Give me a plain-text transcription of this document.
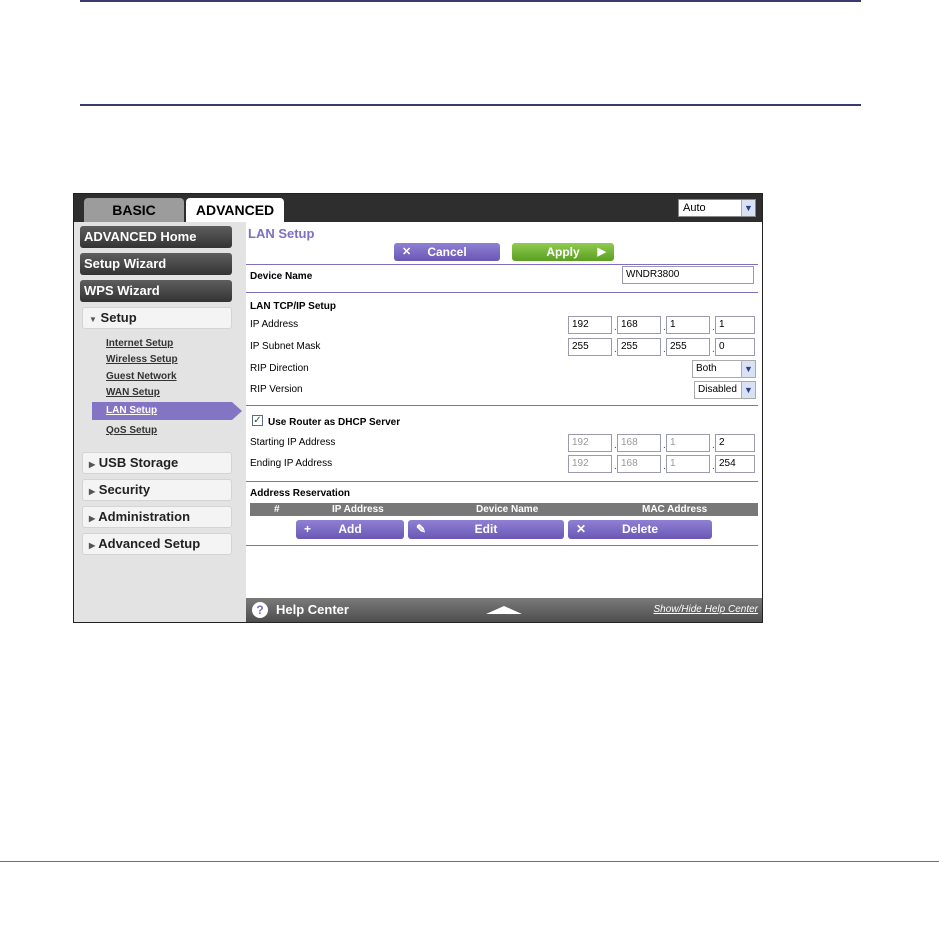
BASIC	ADVANCED	Auto	▼
ADVANCED Home
Setup Wizard
WPS Wizard
▼ Setup
Internet Setup
Wireless Setup
Guest Network
WAN Setup
LAN Setup
QoS Setup
▶ USB Storage
▶ Security
▶ Administration
▶ Advanced Setup
LAN Setup
✕	Cancel	Apply	▶
Device Name	WNDR3800
LAN TCP/IP Setup
IP Address	192	. 168	. 1	. 1
IP Subnet Mask	255	. 255	. 255	. 0
RIP Direction	Both	▼
RIP Version	Disabled ▼
✓ Use Router as DHCP Server
Starting IP Address	192	. 168	. 1	. 2
Ending IP Address	192	. 168	. 1	. 254
Address Reservation
#	IP Address	Device Name	MAC Address
+	Add	✎	Edit	✕	Delete
? Help Center	Show/Hide Help Center
